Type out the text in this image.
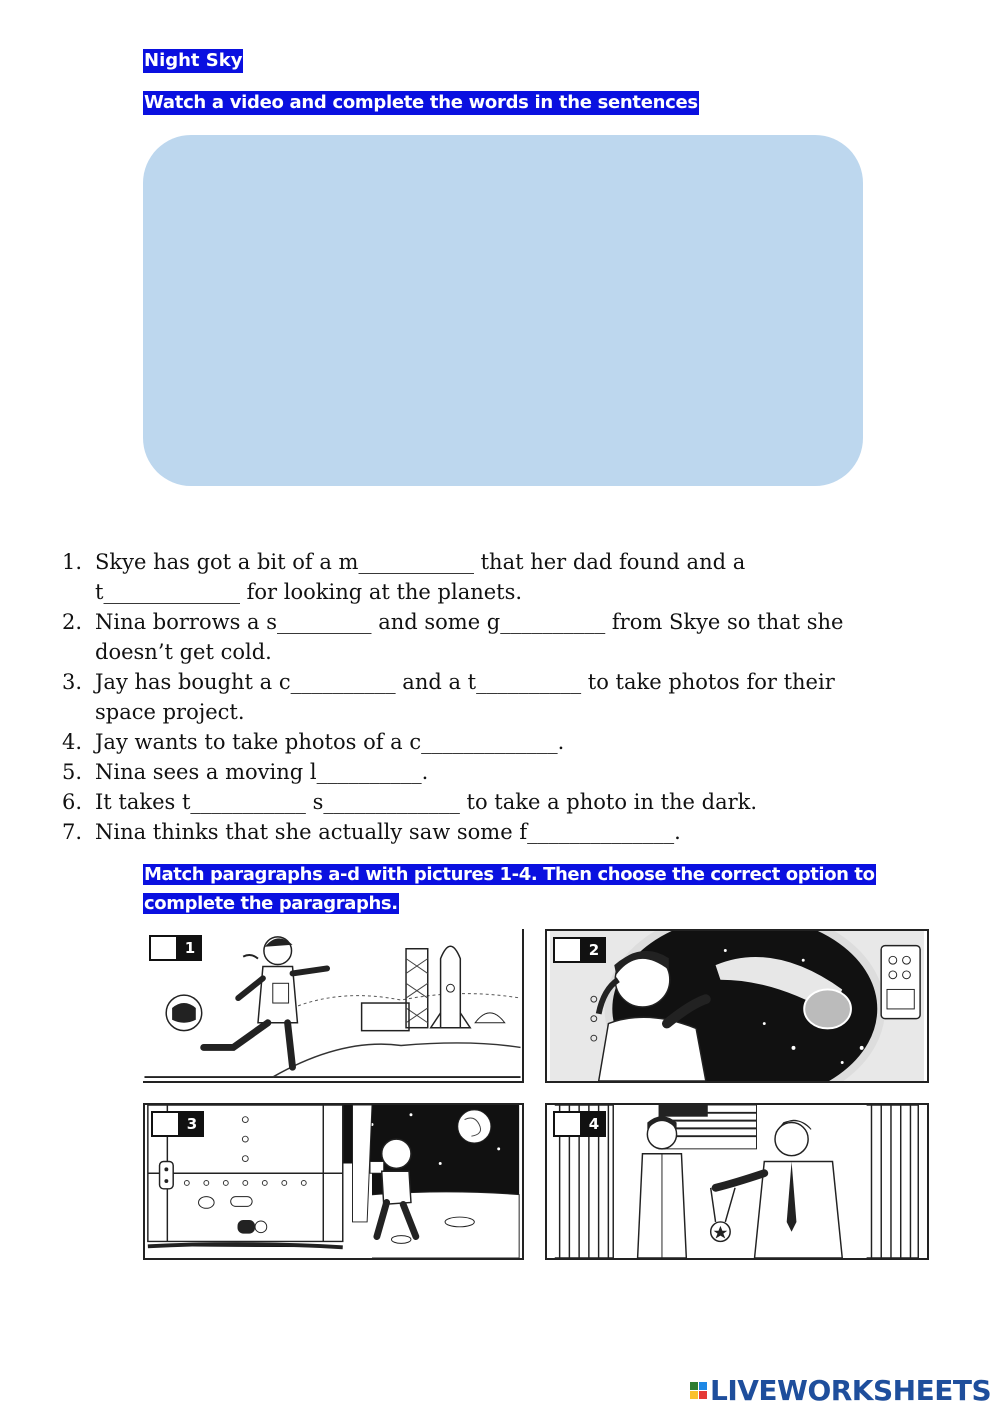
Night Sky
Watch a video and complete the words in the sentences
1. Skye has got a bit of a m___________ that her dad found and a
t_____________ for looking at the planets.
2. Nina borrows a s_________ and some g__________ from Skye so that she
doesn’t get cold.
3. Jay has bought a c__________ and a t__________ to take photos for their
space project.
4. Jay wants to take photos of a c_____________.
5. Nina sees a moving l__________.
6. It takes t___________ s_____________ to take a photo in the dark.
7. Nina thinks that she actually saw some f______________.
Match paragraphs a-d with pictures 1-4. Then choose the correct option to
complete the paragraphs.
1	2
3	4
LIVEWORKSHEETS
